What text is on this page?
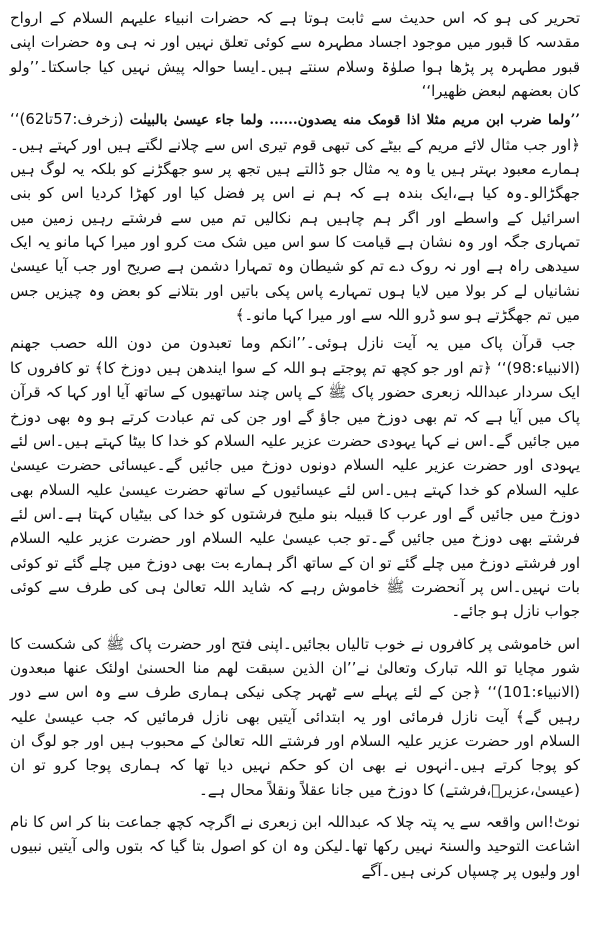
تحریر کی ہو کہ اس حدیث سے ثابت ہوتا ہے کہ حضرات انبیاء علیہم السلام کے ارواح مقدسہ کا قبور میں موجود اجساد مطہرہ سے کوئی تعلق نہیں اور نہ ہی وہ حضرات اپنی قبور مطہرہ پر پڑھا ہوا صلوٰۃ وسلام سنتے ہیں۔ایسا حوالہ پیش نہیں کیا جاسکتا۔’’ولو کان بعضھم لبعض ظھیرا‘‘

’’ولما ضرب ابن مریم مثلا اذا قومک منه یصدون...... ولما جاء عیسیٰ بالبینٰت (زخرف:57تا62)‘‘ ﴿اور جب مثال لائے مریم کے بیٹے کی تبھی قوم تیری اس سے چلانے لگتے ہیں اور کہتے ہیں۔ہمارے معبود بہتر ہیں یا وہ یہ مثال جو ڈالتے ہیں تجھ پر سو جھگڑنے کو بلکہ یہ لوگ ہیں جھگڑالو۔وہ کیا ہے،ایک بندہ ہے کہ ہم نے اس پر فضل کیا اور کھڑا کردیا اس کو بنی اسرائیل کے واسطے اور اگر ہم چاہیں ہم نکالیں تم میں سے فرشتے رہیں زمین میں تمہاری جگہ اور وہ نشان ہے قیامت کا سو اس میں شک مت کرو اور میرا کہا مانو یہ ایک سیدھی راہ ہے اور نہ روک دے تم کو شیطان وہ تمہارا دشمن ہے صریح اور جب آیا عیسیٰ نشانیاں لے کر بولا میں لایا ہوں تمہارے پاس پکی باتیں اور بتلانے کو بعض وہ چیزیں جس میں تم جھگڑتے ہو سو ڈرو اللہ سے اور میرا کہا مانو۔﴾

جب قرآن پاک میں یہ آیت نازل ہوئی۔’’انکم وما تعبدون من دون الله حصب جھنم (الانبیاء:98)‘‘ ﴿تم اور جو کچھ تم پوجتے ہو اللہ کے سوا ایندھن ہیں دوزخ کا﴾ تو کافروں کا ایک سردار عبداللہ زبعری حضور پاک ﷺ کے پاس چند ساتھیوں کے ساتھ آیا اور کہا کہ قرآن پاک میں آیا ہے کہ تم بھی دوزخ میں جاؤ گے اور جن کی تم عبادت کرتے ہو وہ بھی دوزخ میں جائیں گے۔اس نے کہا یہودی حضرت عزیر علیہ السلام کو خدا کا بیٹا کہتے ہیں۔اس لئے یہودی اور حضرت عزیر علیہ السلام دونوں دوزخ میں جائیں گے۔عیسائی حضرت عیسیٰ علیہ السلام کو خدا کہتے ہیں۔اس لئے عیسائیوں کے ساتھ حضرت عیسیٰ علیہ السلام بھی دوزخ میں جائیں گے اور عرب کا قبیلہ بنو ملیح فرشتوں کو خدا کی بیٹیاں کہتا ہے۔اس لئے فرشتے بھی دوزخ میں جائیں گے۔تو جب عیسیٰ علیہ السلام اور حضرت عزیر علیہ السلام اور فرشتے دوزخ میں چلے گئے تو ان کے ساتھ اگر ہمارے بت بھی دوزخ میں چلے گئے تو کوئی بات نہیں۔اس پر آنحضرت ﷺ خاموش رہے کہ شاید اللہ تعالیٰ ہی کی طرف سے کوئی جواب نازل ہو جائے۔

اس خاموشی پر کافروں نے خوب تالیاں بجائیں۔اپنی فتح اور حضرت پاک ﷺ کی شکست کا شور مچایا تو اللہ تبارک وتعالیٰ نے’’ان الذین سبقت لھم منا الحسنیٰ اولئک عنھا مبعدون (الانبیاء:101)‘‘ ﴿جن کے لئے پہلے سے ٹھہر چکی نیکی ہماری طرف سے وہ اس سے دور رہیں گے﴾ آیت نازل فرمائی اور یہ ابتدائی آیتیں بھی نازل فرمائیں کہ جب عیسیٰ علیہ السلام اور حضرت عزیر علیہ السلام اور فرشتے اللہ تعالیٰ کے محبوب ہیں اور جو لوگ ان کو پوجا کرتے ہیں۔انہوں نے بھی ان کو حکم نہیں دیا تھا کہ ہماری پوجا کرو تو ان (عیسیٰ،عزیرؑ،فرشتے) کا دوزخ میں جانا عقلاً ونقلاً محال ہے۔

نوٹ!اس واقعہ سے یہ پتہ چلا کہ عبداللہ ابن زبعری نے اگرچہ کچھ جماعت بنا کر اس کا نام اشاعت التوحید والسنۃ نہیں رکھا تھا۔لیکن وہ ان کو اصول بتا گیا کہ بتوں والی آیتیں نبیوں اور ولیوں پر چسپاں کرنی ہیں۔آگے
